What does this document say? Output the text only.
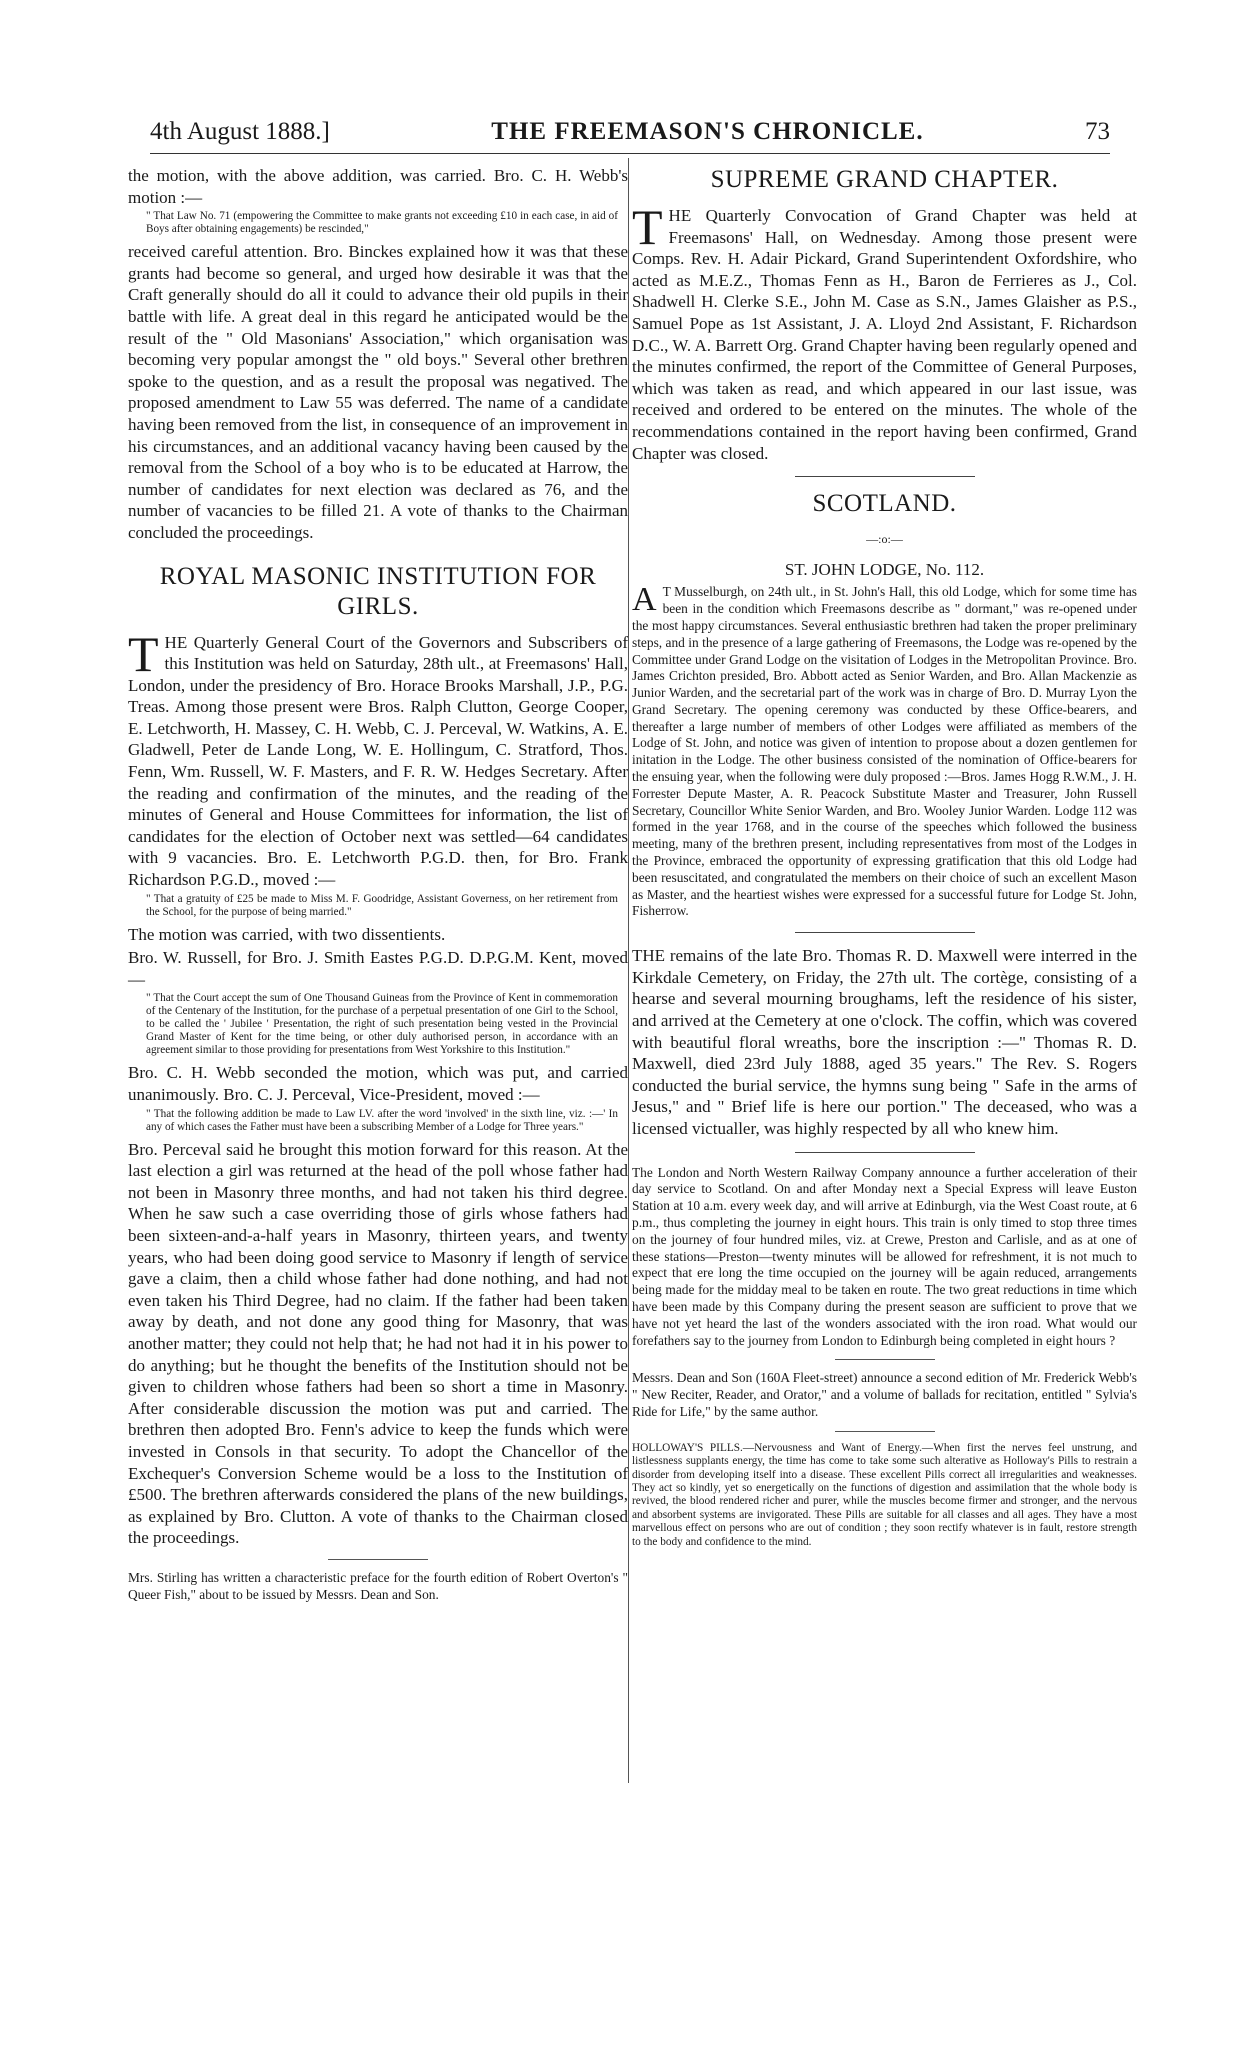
4th August 1888.]	THE FREEMASON'S CHRONICLE.	73

the motion, with the above addition, was carried. Bro. C. H. Webb's motion :—

" That Law No. 71 (empowering the Committee to make grants not exceeding £10 in each case, in aid of Boys after obtaining engagements) be rescinded,"

received careful attention. Bro. Binckes explained how it was that these grants had become so general, and urged how desirable it was that the Craft generally should do all it could to advance their old pupils in their battle with life. A great deal in this regard he anticipated would be the result of the " Old Masonians' Association," which organisation was becoming very popular amongst the " old boys." Several other brethren spoke to the question, and as a result the proposal was negatived. The proposed amendment to Law 55 was deferred. The name of a candidate having been removed from the list, in consequence of an improvement in his circumstances, and an additional vacancy having been caused by the removal from the School of a boy who is to be educated at Harrow, the number of candidates for next election was declared as 76, and the number of vacancies to be filled 21. A vote of thanks to the Chairman concluded the proceedings.

ROYAL MASONIC INSTITUTION FOR GIRLS.

T HE Quarterly General Court of the Governors and Subscribers of this Institution was held on Saturday, 28th ult., at Freemasons' Hall, London, under the presidency of Bro. Horace Brooks Marshall, J.P., P.G. Treas. Among those present were Bros. Ralph Clutton, George Cooper, E. Letchworth, H. Massey, C. H. Webb, C. J. Perceval, W. Watkins, A. E. Gladwell, Peter de Lande Long, W. E. Hollingum, C. Stratford, Thos. Fenn, Wm. Russell, W. F. Masters, and F. R. W. Hedges Secretary. After the reading and confirmation of the minutes, and the reading of the minutes of General and House Committees for information, the list of candidates for the election of October next was settled—64 candidates with 9 vacancies. Bro. E. Letchworth P.G.D. then, for Bro. Frank Richardson P.G.D., moved :—

" That a gratuity of £25 be made to Miss M. F. Goodridge, Assistant Governess, on her retirement from the School, for the purpose of being married."

The motion was carried, with two dissentients.

Bro. W. Russell, for Bro. J. Smith Eastes P.G.D. D.P.G.M. Kent, moved—

" That the Court accept the sum of One Thousand Guineas from the Province of Kent in commemoration of the Centenary of the Institution, for the purchase of a perpetual presentation of one Girl to the School, to be called the ' Jubilee ' Presentation, the right of such presentation being vested in the Provincial Grand Master of Kent for the time being, or other duly authorised person, in accordance with an agreement similar to those providing for presentations from West Yorkshire to this Institution."

Bro. C. H. Webb seconded the motion, which was put, and carried unanimously. Bro. C. J. Perceval, Vice-President, moved :—

" That the following addition be made to Law LV. after the word 'involved' in the sixth line, viz. :—' In any of which cases the Father must have been a subscribing Member of a Lodge for Three years."

Bro. Perceval said he brought this motion forward for this reason. At the last election a girl was returned at the head of the poll whose father had not been in Masonry three months, and had not taken his third degree. When he saw such a case overriding those of girls whose fathers had been sixteen-and-a-half years in Masonry, thirteen years, and twenty years, who had been doing good service to Masonry if length of service gave a claim, then a child whose father had done nothing, and had not even taken his Third Degree, had no claim. If the father had been taken away by death, and not done any good thing for Masonry, that was another matter; they could not help that; he had not had it in his power to do anything; but he thought the benefits of the Institution should not be given to children whose fathers had been so short a time in Masonry. After considerable discussion the motion was put and carried. The brethren then adopted Bro. Fenn's advice to keep the funds which were invested in Consols in that security. To adopt the Chancellor of the Exchequer's Conversion Scheme would be a loss to the Institution of £500. The brethren afterwards considered the plans of the new buildings, as explained by Bro. Clutton. A vote of thanks to the Chairman closed the proceedings.

Mrs. Stirling has written a characteristic preface for the fourth edition of Robert Overton's " Queer Fish," about to be issued by Messrs. Dean and Son.

SUPREME GRAND CHAPTER.

T HE Quarterly Convocation of Grand Chapter was held at Freemasons' Hall, on Wednesday. Among those present were Comps. Rev. H. Adair Pickard, Grand Superintendent Oxfordshire, who acted as M.E.Z., Thomas Fenn as H., Baron de Ferrieres as J., Col. Shadwell H. Clerke S.E., John M. Case as S.N., James Glaisher as P.S., Samuel Pope as 1st Assistant, J. A. Lloyd 2nd Assistant, F. Richardson D.C., W. A. Barrett Org. Grand Chapter having been regularly opened and the minutes confirmed, the report of the Committee of General Purposes, which was taken as read, and which appeared in our last issue, was received and ordered to be entered on the minutes. The whole of the recommendations contained in the report having been confirmed, Grand Chapter was closed.

SCOTLAND.
—:o:—
ST. JOHN LODGE, No. 112.

A T Musselburgh, on 24th ult., in St. John's Hall, this old Lodge, which for some time has been in the condition which Freemasons describe as " dormant," was re-opened under the most happy circumstances. Several enthusiastic brethren had taken the proper preliminary steps, and in the presence of a large gathering of Freemasons, the Lodge was re-opened by the Committee under Grand Lodge on the visitation of Lodges in the Metropolitan Province. Bro. James Crichton presided, Bro. Abbott acted as Senior Warden, and Bro. Allan Mackenzie as Junior Warden, and the secretarial part of the work was in charge of Bro. D. Murray Lyon the Grand Secretary. The opening ceremony was conducted by these Office-bearers, and thereafter a large number of members of other Lodges were affiliated as members of the Lodge of St. John, and notice was given of intention to propose about a dozen gentlemen for initation in the Lodge. The other business consisted of the nomination of Office-bearers for the ensuing year, when the following were duly proposed :—Bros. James Hogg R.W.M., J. H. Forrester Depute Master, A. R. Peacock Substitute Master and Treasurer, John Russell Secretary, Councillor White Senior Warden, and Bro. Wooley Junior Warden. Lodge 112 was formed in the year 1768, and in the course of the speeches which followed the business meeting, many of the brethren present, including representatives from most of the Lodges in the Province, embraced the opportunity of expressing gratification that this old Lodge had been resuscitated, and congratulated the members on their choice of such an excellent Mason as Master, and the heartiest wishes were expressed for a successful future for Lodge St. John, Fisherrow.

THE remains of the late Bro. Thomas R. D. Maxwell were interred in the Kirkdale Cemetery, on Friday, the 27th ult. The cortège, consisting of a hearse and several mourning broughams, left the residence of his sister, and arrived at the Cemetery at one o'clock. The coffin, which was covered with beautiful floral wreaths, bore the inscription :—" Thomas R. D. Maxwell, died 23rd July 1888, aged 35 years." The Rev. S. Rogers conducted the burial service, the hymns sung being " Safe in the arms of Jesus," and " Brief life is here our portion." The deceased, who was a licensed victualler, was highly respected by all who knew him.

The London and North Western Railway Company announce a further acceleration of their day service to Scotland. On and after Monday next a Special Express will leave Euston Station at 10 a.m. every week day, and will arrive at Edinburgh, via the West Coast route, at 6 p.m., thus completing the journey in eight hours. This train is only timed to stop three times on the journey of four hundred miles, viz. at Crewe, Preston and Carlisle, and as at one of these stations—Preston—twenty minutes will be allowed for refreshment, it is not much to expect that ere long the time occupied on the journey will be again reduced, arrangements being made for the midday meal to be taken en route. The two great reductions in time which have been made by this Company during the present season are sufficient to prove that we have not yet heard the last of the wonders associated with the iron road. What would our forefathers say to the journey from London to Edinburgh being completed in eight hours ?

Messrs. Dean and Son (160A Fleet-street) announce a second edition of Mr. Frederick Webb's " New Reciter, Reader, and Orator," and a volume of ballads for recitation, entitled " Sylvia's Ride for Life," by the same author.

HOLLOWAY'S PILLS.—Nervousness and Want of Energy.—When first the nerves feel unstrung, and listlessness supplants energy, the time has come to take some such alterative as Holloway's Pills to restrain a disorder from developing itself into a disease. These excellent Pills correct all irregularities and weaknesses. They act so kindly, yet so energetically on the functions of digestion and assimilation that the whole body is revived, the blood rendered richer and purer, while the muscles become firmer and stronger, and the nervous and absorbent systems are invigorated. These Pills are suitable for all classes and all ages. They have a most marvellous effect on persons who are out of condition ; they soon rectify whatever is in fault, restore strength to the body and confidence to the mind.
